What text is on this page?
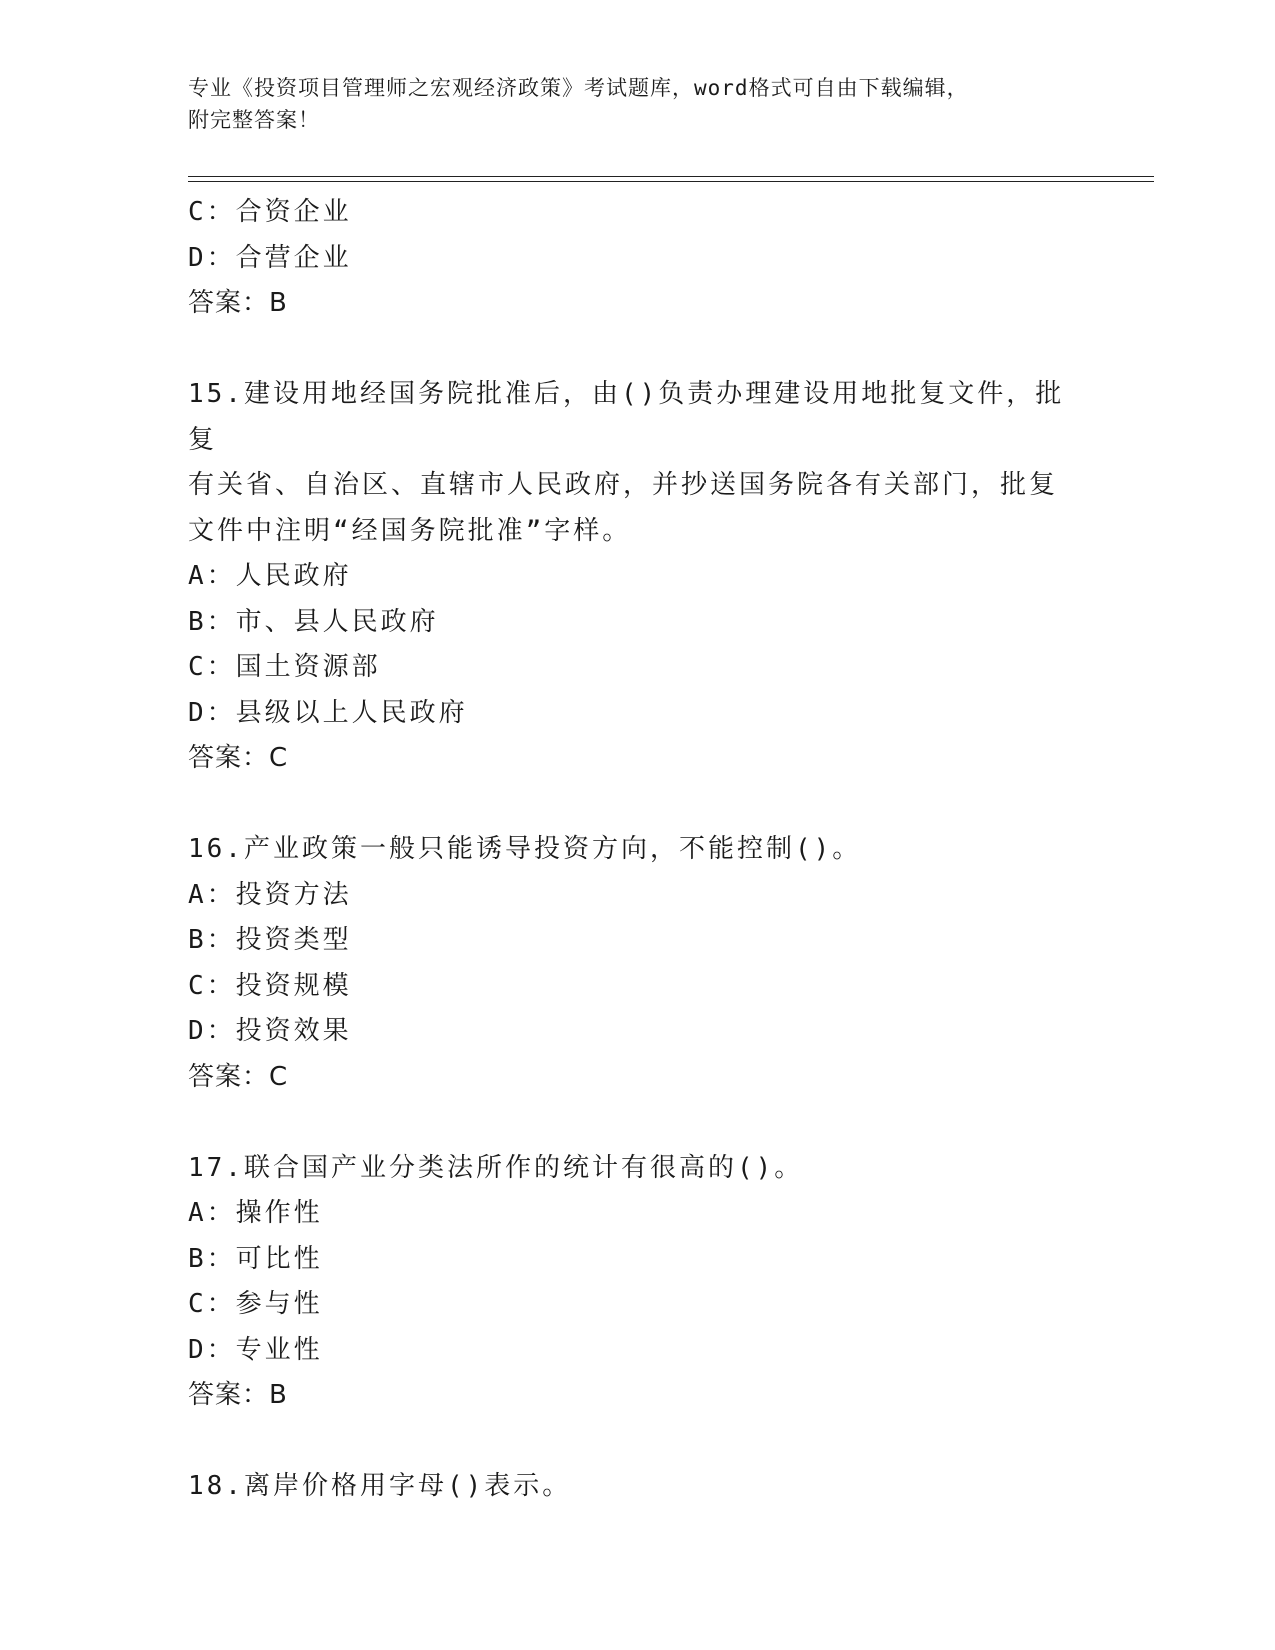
专业《投资项目管理师之宏观经济政策》考试题库，word格式可自由下载编辑，
附完整答案！
C：合资企业
D：合营企业
答案：B
15.建设用地经国务院批准后，由()负责办理建设用地批复文件，批复
有关省、自治区、直辖市人民政府，并抄送国务院各有关部门，批复
文件中注明“经国务院批准”字样。
A：人民政府
B：市、县人民政府
C：国土资源部
D：县级以上人民政府
答案：C
16.产业政策一般只能诱导投资方向，不能控制()。
A：投资方法
B：投资类型
C：投资规模
D：投资效果
答案：C
17.联合国产业分类法所作的统计有很高的()。
A：操作性
B：可比性
C：参与性
D：专业性
答案：B
18.离岸价格用字母()表示。
